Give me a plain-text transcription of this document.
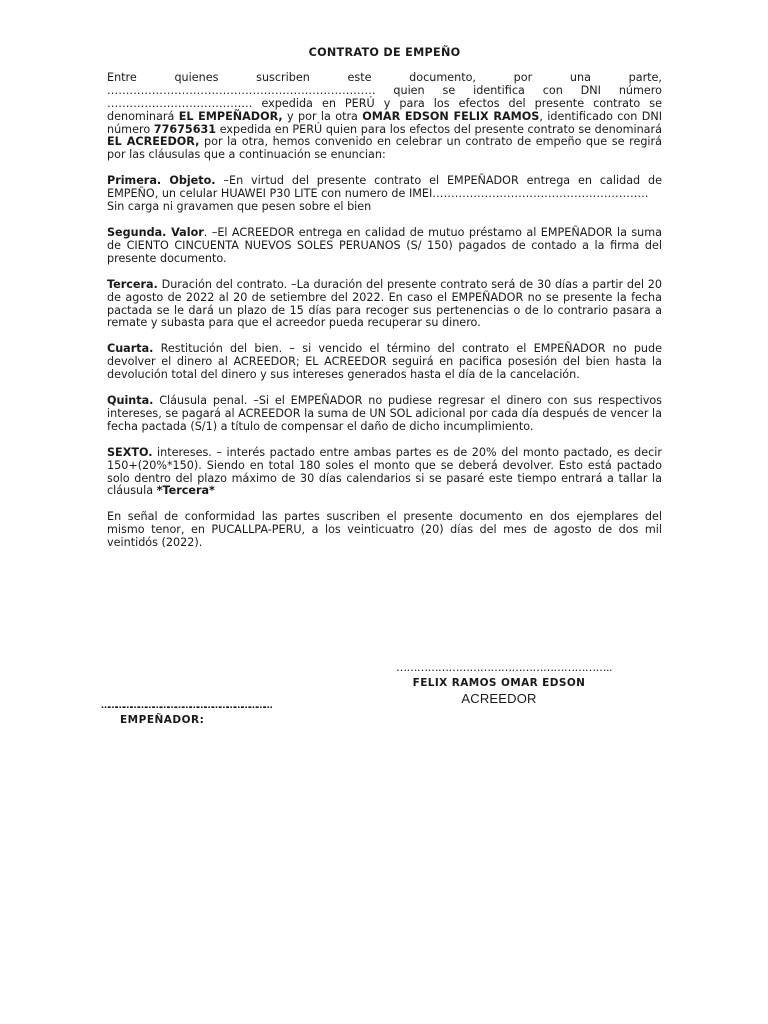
CONTRATO DE EMPEÑO

Entre quienes suscriben este documento, por una parte, ……………………………………………………………… quien se identifica con DNI número ………………………………… expedida en PERÚ y para los efectos del presente contrato se denominará EL EMPEÑADOR, y por la otra OMAR EDSON FELIX RAMOS, identificado con DNI número 77675631 expedida en PERÚ quien para los efectos del presente contrato se denominará EL ACREEDOR, por la otra, hemos convenido en celebrar un contrato de empeño que se regirá por las cláusulas que a continuación se enuncian:

Primera. Objeto. –En virtud del presente contrato el EMPEÑADOR entrega en calidad de EMPEÑO, un celular HUAWEI P30 LITE con numero de IMEI………………………………………………….
Sin carga ni gravamen que pesen sobre el bien

Segunda. Valor. –El ACREEDOR entrega en calidad de mutuo préstamo al EMPEÑADOR la suma de CIENTO CINCUENTA NUEVOS SOLES PERUANOS (S/ 150) pagados de contado a la firma del presente documento.

Tercera. Duración del contrato. –La duración del presente contrato será de 30 días a partir del 20 de agosto de 2022 al 20 de setiembre del 2022. En caso el EMPEÑADOR no se presente la fecha pactada se le dará un plazo de 15 días para recoger sus pertenencias o de lo contrario pasara a remate y subasta para que el acreedor pueda recuperar su dinero.

Cuarta. Restitución del bien. – si vencido el término del contrato el EMPEÑADOR no pude devolver el dinero al ACREEDOR; EL ACREEDOR seguirá en pacifica posesión del bien hasta la devolución total del dinero y sus intereses generados hasta el día de la cancelación.

Quinta. Cláusula penal. –Si el EMPEÑADOR no pudiese regresar el dinero con sus respectivos intereses, se pagará al ACREEDOR la suma de UN SOL adicional por cada día después de vencer la fecha pactada (S/1) a título de compensar el daño de dicho incumplimiento.

SEXTO. intereses. – interés pactado entre ambas partes es de 20% del monto pactado, es decir 150+(20%*150). Siendo en total 180 soles el monto que se deberá devolver. Esto está pactado solo dentro del plazo máximo de 30 días calendarios si se pasaré este tiempo entrará a tallar la cláusula *Tercera*

En señal de conformidad las partes suscriben el presente documento en dos ejemplares del mismo tenor, en PUCALLPA-PERU, a los veinticuatro (20) días del mes de agosto de dos mil veintidós (2022).

……………………………………………………..
FELIX RAMOS OMAR EDSON
ACREEDOR
……………………………………………………………
EMPEÑADOR:
